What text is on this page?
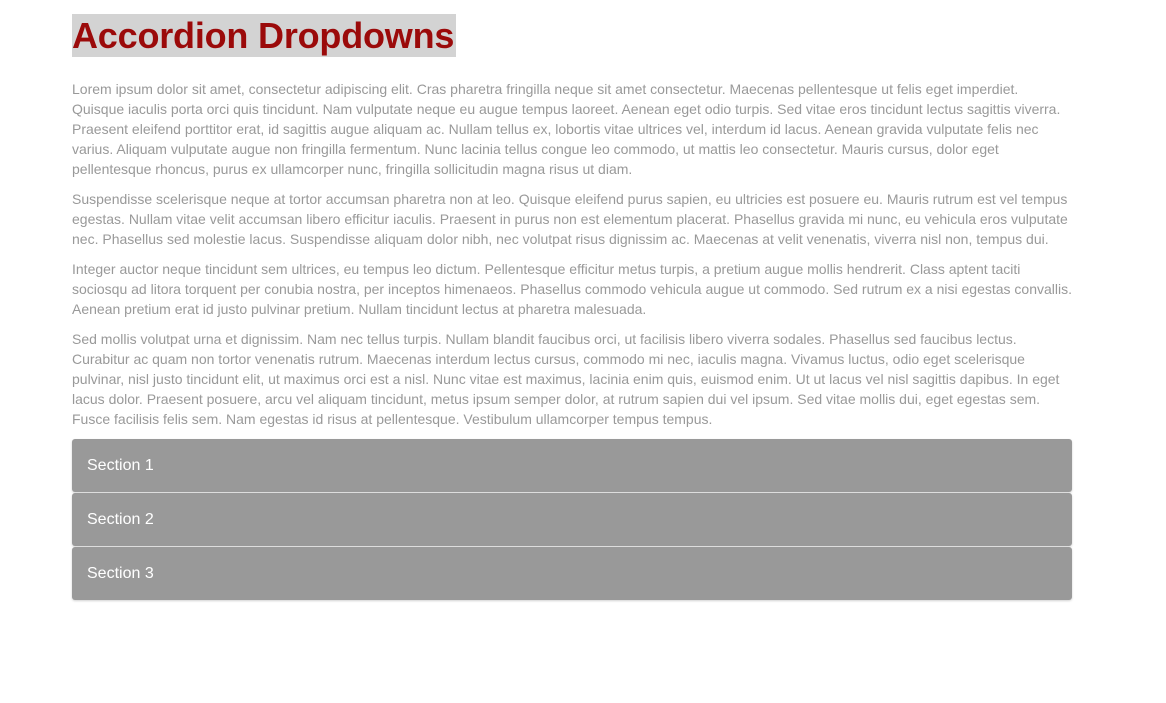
Accordion Dropdowns

Lorem ipsum dolor sit amet, consectetur adipiscing elit. Cras pharetra fringilla neque sit amet consectetur. Maecenas pellentesque ut felis eget imperdiet. Quisque iaculis porta orci quis tincidunt. Nam vulputate neque eu augue tempus laoreet. Aenean eget odio turpis. Sed vitae eros tincidunt lectus sagittis viverra. Praesent eleifend porttitor erat, id sagittis augue aliquam ac. Nullam tellus ex, lobortis vitae ultrices vel, interdum id lacus. Aenean gravida vulputate felis nec varius. Aliquam vulputate augue non fringilla fermentum. Nunc lacinia tellus congue leo commodo, ut mattis leo consectetur. Mauris cursus, dolor eget pellentesque rhoncus, purus ex ullamcorper nunc, fringilla sollicitudin magna risus ut diam.

Suspendisse scelerisque neque at tortor accumsan pharetra non at leo. Quisque eleifend purus sapien, eu ultricies est posuere eu. Mauris rutrum est vel tempus egestas. Nullam vitae velit accumsan libero efficitur iaculis. Praesent in purus non est elementum placerat. Phasellus gravida mi nunc, eu vehicula eros vulputate nec. Phasellus sed molestie lacus. Suspendisse aliquam dolor nibh, nec volutpat risus dignissim ac. Maecenas at velit venenatis, viverra nisl non, tempus dui.

Integer auctor neque tincidunt sem ultrices, eu tempus leo dictum. Pellentesque efficitur metus turpis, a pretium augue mollis hendrerit. Class aptent taciti sociosqu ad litora torquent per conubia nostra, per inceptos himenaeos. Phasellus commodo vehicula augue ut commodo. Sed rutrum ex a nisi egestas convallis. Aenean pretium erat id justo pulvinar pretium. Nullam tincidunt lectus at pharetra malesuada.

Sed mollis volutpat urna et dignissim. Nam nec tellus turpis. Nullam blandit faucibus orci, ut facilisis libero viverra sodales. Phasellus sed faucibus lectus. Curabitur ac quam non tortor venenatis rutrum. Maecenas interdum lectus cursus, commodo mi nec, iaculis magna. Vivamus luctus, odio eget scelerisque pulvinar, nisl justo tincidunt elit, ut maximus orci est a nisl. Nunc vitae est maximus, lacinia enim quis, euismod enim. Ut ut lacus vel nisl sagittis dapibus. In eget lacus dolor. Praesent posuere, arcu vel aliquam tincidunt, metus ipsum semper dolor, at rutrum sapien dui vel ipsum. Sed vitae mollis dui, eget egestas sem. Fusce facilisis felis sem. Nam egestas id risus at pellentesque. Vestibulum ullamcorper tempus tempus.

Section 1
Section 2
Section 3
